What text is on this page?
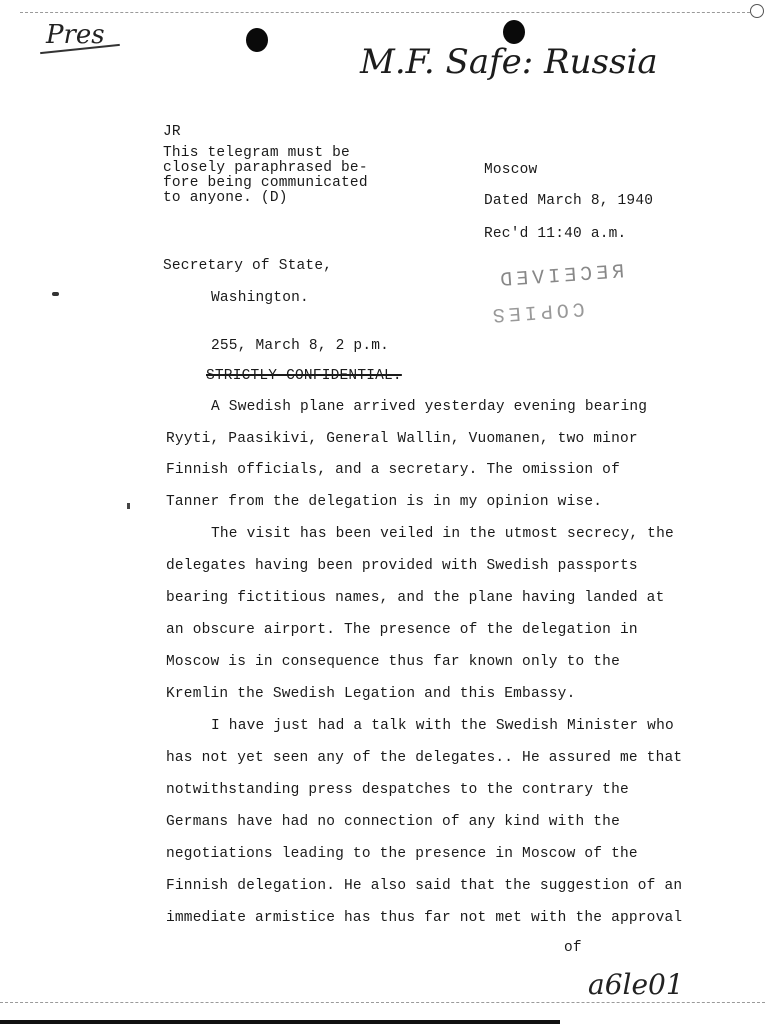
Pres
M.F. Safe: Russia
a6le01
JR
This telegram must be
closely paraphrased be-
fore being communicated
to anyone. (D)
Moscow
Dated March 8, 1940
Rec'd 11:40 a.m.
RECEIVED
COPIES
Secretary of State,
Washington.
255, March 8, 2 p.m.
STRICTLY CONFIDENTIAL.
A Swedish plane arrived yesterday evening bearing
Ryyti, Paasikivi, General Wallin, Vuomanen, two minor
Finnish officials, and a secretary. The omission of
Tanner from the delegation is in my opinion wise.
The visit has been veiled in the utmost secrecy, the
delegates having been provided with Swedish passports
bearing fictitious names, and the plane having landed at
an obscure airport. The presence of the delegation in
Moscow is in consequence thus far known only to the
Kremlin the Swedish Legation and this Embassy.
I have just had a talk with the Swedish Minister who
has not yet seen any of the delegates.. He assured me that
notwithstanding press despatches to the contrary the
Germans have had no connection of any kind with the
negotiations leading to the presence in Moscow of the
Finnish delegation. He also said that the suggestion of an
immediate armistice has thus far not met with the approval
of
